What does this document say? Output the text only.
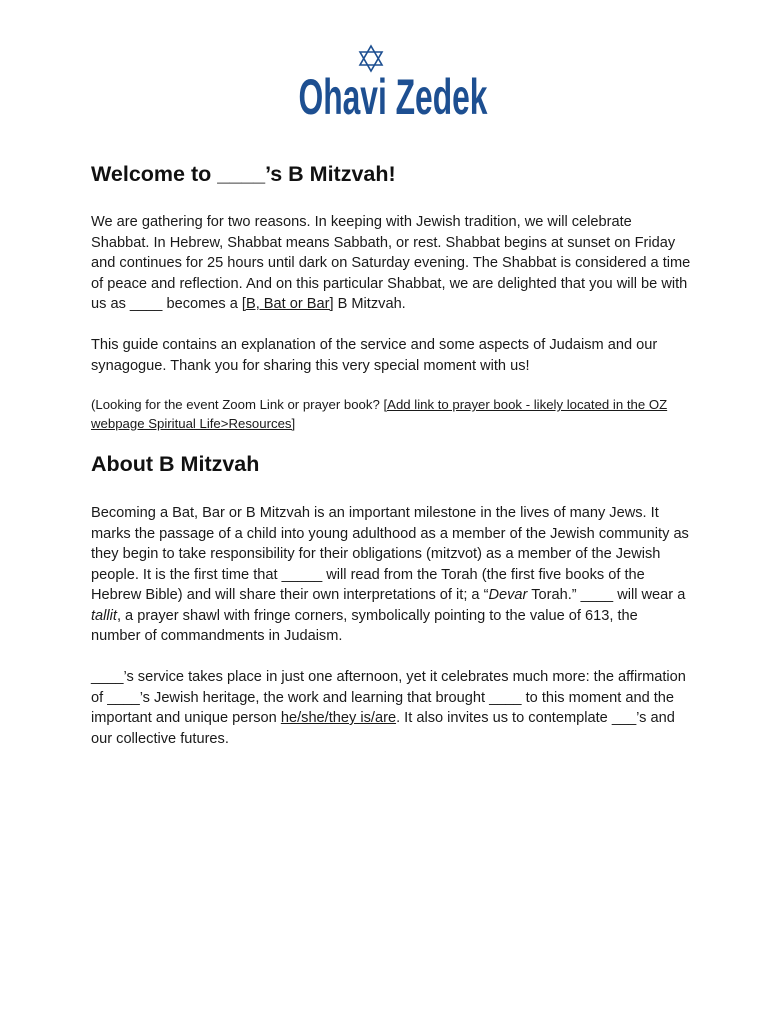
Ohavi Zedek
Welcome to ____’s B Mitzvah!

We are gathering for two reasons. In keeping with Jewish tradition, we will celebrate Shabbat. In Hebrew, Shabbat means Sabbath, or rest. Shabbat begins at sunset on Friday and continues for 25 hours until dark on Saturday evening. The Shabbat is considered a time of peace and reflection. And on this particular Shabbat, we are delighted that you will be with us as ____ becomes a [B, Bat or Bar] B Mitzvah.

This guide contains an explanation of the service and some aspects of Judaism and our synagogue. Thank you for sharing this very special moment with us!

(Looking for the event Zoom Link or prayer book? [Add link to prayer book - likely located in the OZ webpage Spiritual Life>Resources]

About B Mitzvah

Becoming a Bat, Bar or B Mitzvah is an important milestone in the lives of many Jews. It marks the passage of a child into young adulthood as a member of the Jewish community as they begin to take responsibility for their obligations (mitzvot) as a member of the Jewish people. It is the first time that _____ will read from the Torah (the first five books of the Hebrew Bible) and will share their own interpretations of it; a “Devar Torah.” ____ will wear a tallit, a prayer shawl with fringe corners, symbolically pointing to the value of 613, the number of commandments in Judaism.

____’s service takes place in just one afternoon, yet it celebrates much more: the affirmation of ____’s Jewish heritage, the work and learning that brought ____ to this moment and the important and unique person he/she/they is/are. It also invites us to contemplate ___’s and our collective futures.
